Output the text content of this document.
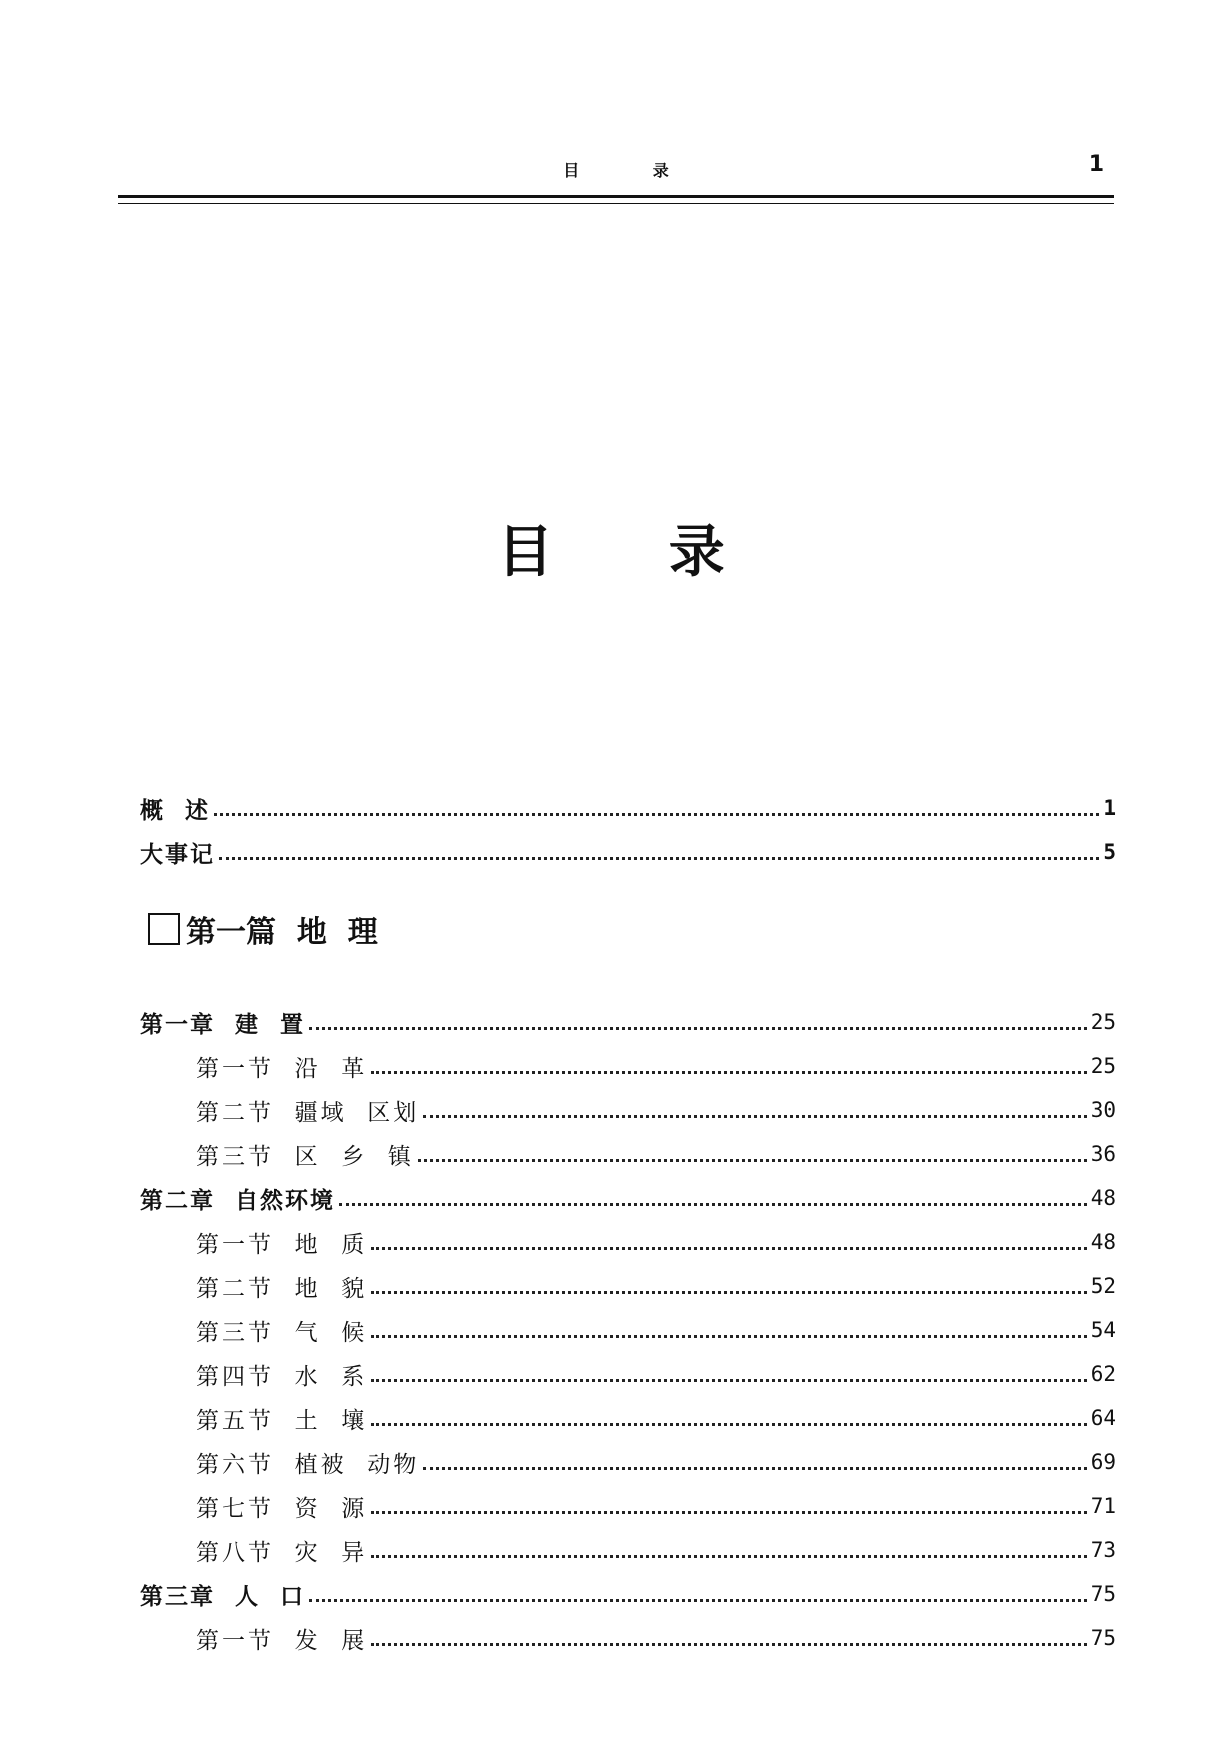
目 录	1
目 录
概  述	1
大事记	5
第一篇  地  理
第一章  建  置	25
第一节  沿  革	25
第二节  疆域  区划	30
第三节  区  乡  镇	36
第二章  自然环境	48
第一节  地  质	48
第二节  地  貌	52
第三节  气  候	54
第四节  水  系	62
第五节  土  壤	64
第六节  植被  动物	69
第七节  资  源	71
第八节  灾  异	73
第三章  人  口	75
第一节  发  展	75
